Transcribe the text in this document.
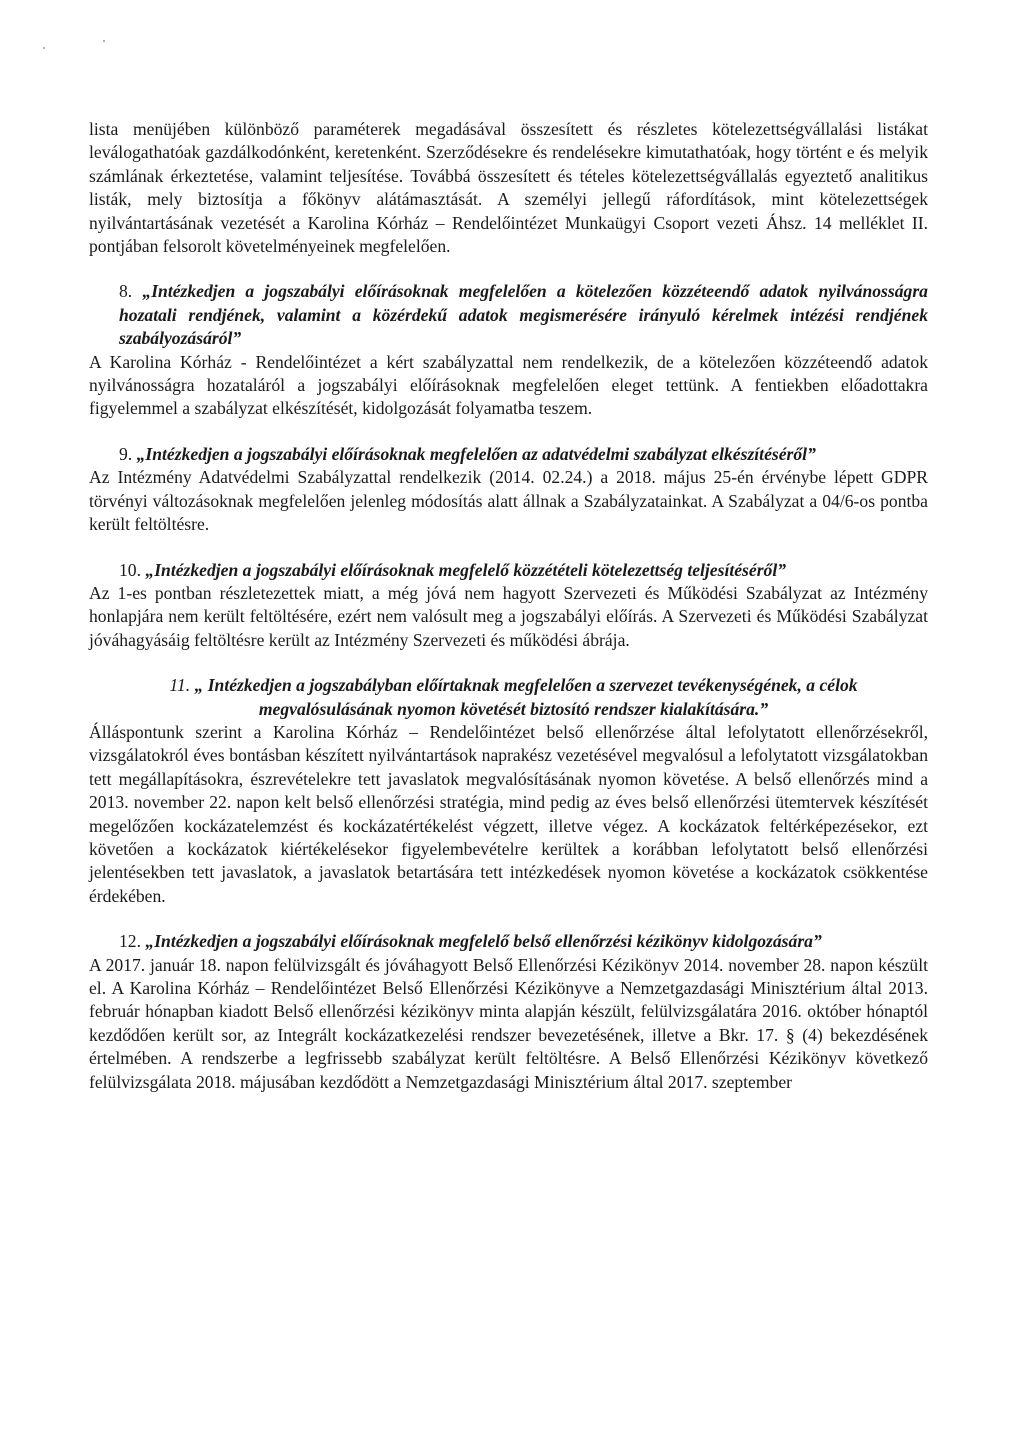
lista menüjében különböző paraméterek megadásával összesített és részletes kötelezettségvállalási listákat leválogathatóak gazdálkodónként, keretenként. Szerződésekre és rendelésekre kimutathatóak, hogy történt e és melyik számlának érkeztetése, valamint teljesítése. Továbbá összesített és tételes kötelezettségvállalás egyeztető analitikus listák, mely biztosítja a főkönyv alátámasztását. A személyi jellegű ráfordítások, mint kötelezettségek nyilvántartásának vezetését a Karolina Kórház – Rendelőintézet Munkaügyi Csoport vezeti Áhsz. 14 melléklet II. pontjában felsorolt követelményeinek megfelelően.

8. „Intézkedjen a jogszabályi előírásoknak megfelelően a kötelezően közzéteendő adatok nyilvánosságra hozatali rendjének, valamint a közérdekű adatok megismerésére irányuló kérelmek intézési rendjének szabályozásáról”

A Karolina Kórház - Rendelőintézet a kért szabályzattal nem rendelkezik, de a kötelezően közzéteendő adatok nyilvánosságra hozataláról a jogszabályi előírásoknak megfelelően eleget tettünk. A fentiekben előadottakra figyelemmel a szabályzat elkészítését, kidolgozását folyamatba teszem.

9. „Intézkedjen a jogszabályi előírásoknak megfelelően az adatvédelmi szabályzat elkészítéséről”

Az Intézmény Adatvédelmi Szabályzattal rendelkezik (2014. 02.24.) a 2018. május 25-én érvénybe lépett GDPR törvényi változásoknak megfelelően jelenleg módosítás alatt állnak a Szabályzatainkat. A Szabályzat a 04/6-os pontba került feltöltésre.

10. „Intézkedjen a jogszabályi előírásoknak megfelelő közzétételi kötelezettség teljesítéséről”

Az 1-es pontban részletezettek miatt, a még jóvá nem hagyott Szervezeti és Működési Szabályzat az Intézmény honlapjára nem került feltöltésére, ezért nem valósult meg a jogszabályi előírás. A Szervezeti és Működési Szabályzat jóváhagyásáig feltöltésre került az Intézmény Szervezeti és működési ábrája.

11. „ Intézkedjen a jogszabályban előírtaknak megfelelően a szervezet tevékenységének, a célok megvalósulásának nyomon követését biztosító rendszer kialakítására.”

Álláspontunk szerint a Karolina Kórház – Rendelőintézet belső ellenőrzése által lefolytatott ellenőrzésekről, vizsgálatokról éves bontásban készített nyilvántartások naprakész vezetésével megvalósul a lefolytatott vizsgálatokban tett megállapításokra, észrevételekre tett javaslatok megvalósításának nyomon követése. A belső ellenőrzés mind a 2013. november 22. napon kelt belső ellenőrzési stratégia, mind pedig az éves belső ellenőrzési ütemtervek készítését megelőzően kockázatelemzést és kockázatértékelést végzett, illetve végez. A kockázatok feltérképezésekor, ezt követően a kockázatok kiértékelésekor figyelembevételre kerültek a korábban lefolytatott belső ellenőrzési jelentésekben tett javaslatok, a javaslatok betartására tett intézkedések nyomon követése a kockázatok csökkentése érdekében.

12. „Intézkedjen a jogszabályi előírásoknak megfelelő belső ellenőrzési kézikönyv kidolgozására”

A 2017. január 18. napon felülvizsgált és jóváhagyott Belső Ellenőrzési Kézikönyv 2014. november 28. napon készült el. A Karolina Kórház – Rendelőintézet Belső Ellenőrzési Kézikönyve a Nemzetgazdasági Minisztérium által 2013. február hónapban kiadott Belső ellenőrzési kézikönyv minta alapján készült, felülvizsgálatára 2016. október hónaptól kezdődően került sor, az Integrált kockázatkezelési rendszer bevezetésének, illetve a Bkr. 17. § (4) bekezdésének értelmében. A rendszerbe a legfrissebb szabályzat került feltöltésre. A Belső Ellenőrzési Kézikönyv következő felülvizsgálata 2018. májusában kezdődött a Nemzetgazdasági Minisztérium által 2017. szeptember
